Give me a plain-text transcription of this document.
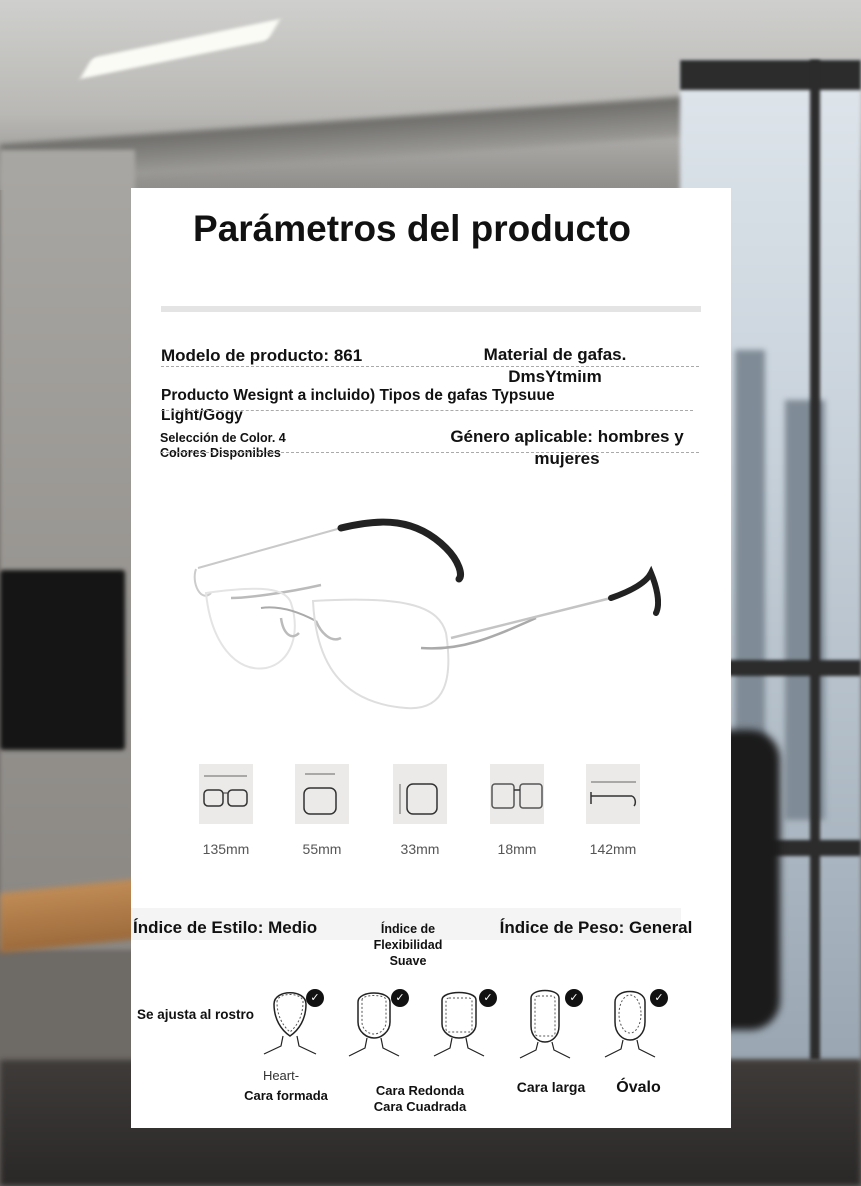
Parámetros del producto
Modelo de producto: 861	Material de gafas. DmsYtmiım
Producto Wesignt a incluido) Tipos de gafas Typsuue Light/Gogy
Selección de Color. 4 Colores Disponibles
Género aplicable: hombres y mujeres
135mm	55mm	33mm	18mm	142mm
Índice de Estilo: Medio	Índice de Flexibilidad Suave
Índice de Peso: General
Se ajusta al rostro
✓	✓	✓	✓	✓
Heart-
Cara formada	Cara Redonda Cara Cuadrada
Cara larga	Óvalo
